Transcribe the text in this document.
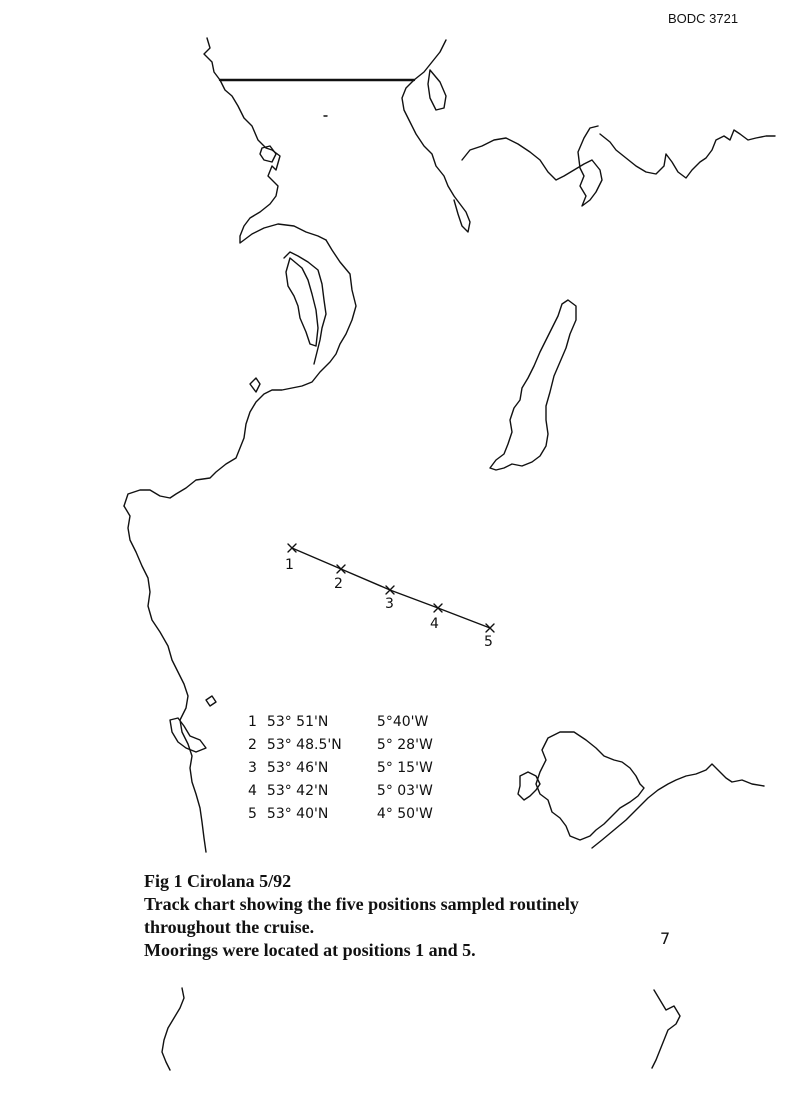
BODC 3721
1
2
3
4
5
7
1	53° 51'N	5°40'W
2	53° 48.5'N	5° 28'W
3	53° 46'N	5° 15'W
4	53° 42'N	5° 03'W
5	53° 40'N	4° 50'W
Fig 1 Cirolana 5/92
Track chart showing the five positions sampled routinely
throughout the cruise.
Moorings were located at positions 1 and 5.
